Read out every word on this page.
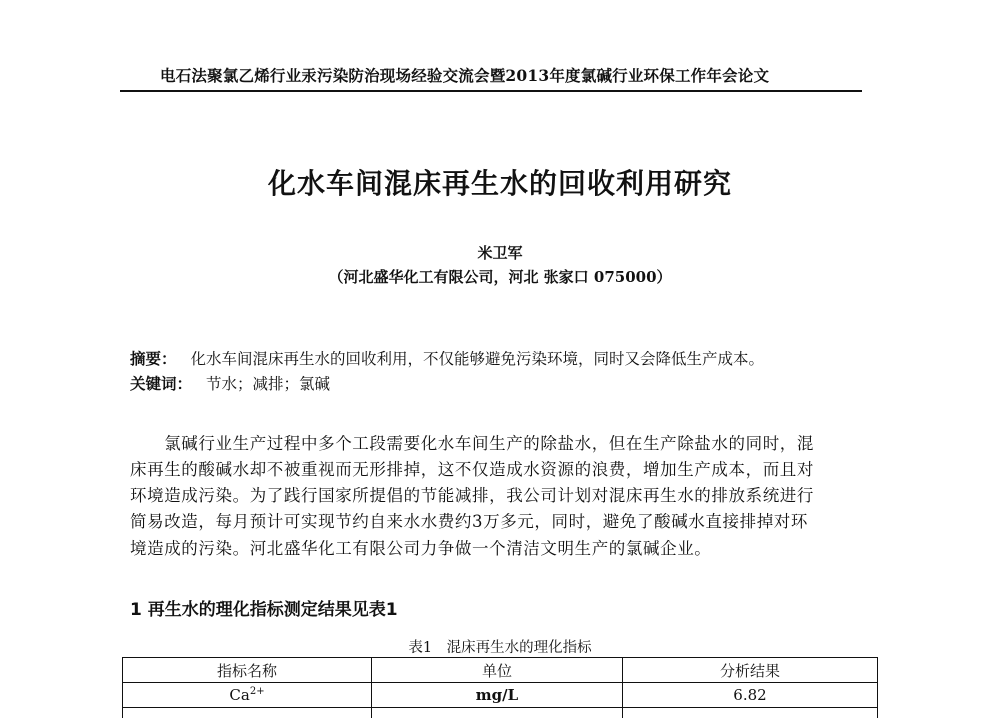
电石法聚氯乙烯行业汞污染防治现场经验交流会暨2013年度氯碱行业环保工作年会论文
化水车间混床再生水的回收利用研究
米卫军
（河北盛华化工有限公司，河北 张家口 075000）
摘要： 化水车间混床再生水的回收利用，不仅能够避免污染环境，同时又会降低生产成本。
关键词： 节水；减排；氯碱
　　氯碱行业生产过程中多个工段需要化水车间生产的除盐水，但在生产除盐水的同时，混
床再生的酸碱水却不被重视而无形排掉，这不仅造成水资源的浪费，增加生产成本，而且对
环境造成污染。为了践行国家所提倡的节能减排，我公司计划对混床再生水的排放系统进行
简易改造，每月预计可实现节约自来水水费约3万多元，同时，避免了酸碱水直接排掉对环
境造成的污染。河北盛华化工有限公司力争做一个清洁文明生产的氯碱企业。
1 再生水的理化指标测定结果见表1
表1　混床再生水的理化指标
指标名称	单位	分析结果
$Ca^{2+}$	mg/L	6.82
